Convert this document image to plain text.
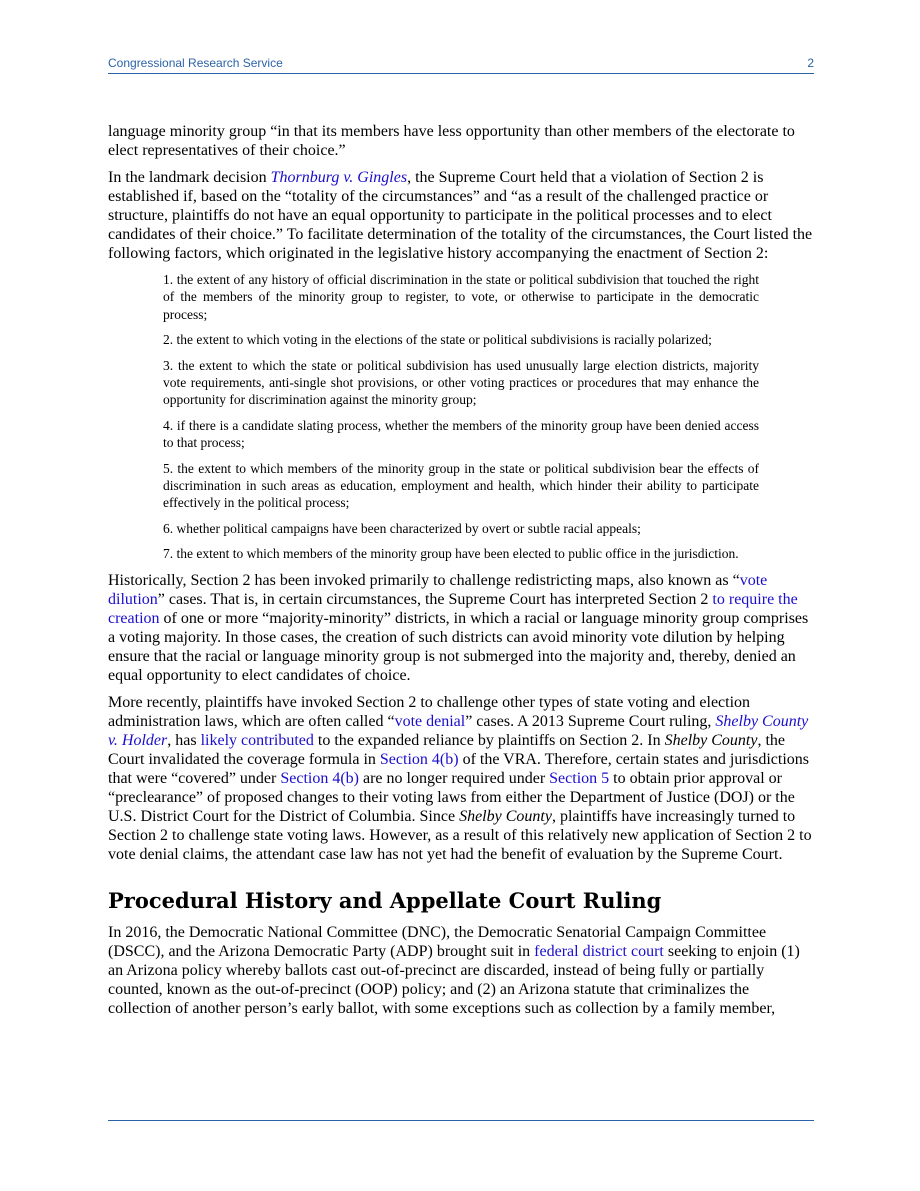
Congressional Research Service	2

language minority group “in that its members have less opportunity than other members of the electorate to elect representatives of their choice.”

In the landmark decision Thornburg v. Gingles, the Supreme Court held that a violation of Section 2 is established if, based on the “totality of the circumstances” and “as a result of the challenged practice or structure, plaintiffs do not have an equal opportunity to participate in the political processes and to elect candidates of their choice.” To facilitate determination of the totality of the circumstances, the Court listed the following factors, which originated in the legislative history accompanying the enactment of Section 2:

1. the extent of any history of official discrimination in the state or political subdivision that touched the right of the members of the minority group to register, to vote, or otherwise to participate in the democratic process;
2. the extent to which voting in the elections of the state or political subdivisions is racially polarized;
3. the extent to which the state or political subdivision has used unusually large election districts, majority vote requirements, anti-single shot provisions, or other voting practices or procedures that may enhance the opportunity for discrimination against the minority group;
4. if there is a candidate slating process, whether the members of the minority group have been denied access to that process;
5. the extent to which members of the minority group in the state or political subdivision bear the effects of discrimination in such areas as education, employment and health, which hinder their ability to participate effectively in the political process;
6. whether political campaigns have been characterized by overt or subtle racial appeals;
7. the extent to which members of the minority group have been elected to public office in the jurisdiction.

Historically, Section 2 has been invoked primarily to challenge redistricting maps, also known as “vote dilution” cases. That is, in certain circumstances, the Supreme Court has interpreted Section 2 to require the creation of one or more “majority-minority” districts, in which a racial or language minority group comprises a voting majority. In those cases, the creation of such districts can avoid minority vote dilution by helping ensure that the racial or language minority group is not submerged into the majority and, thereby, denied an equal opportunity to elect candidates of choice.

More recently, plaintiffs have invoked Section 2 to challenge other types of state voting and election administration laws, which are often called “vote denial” cases. A 2013 Supreme Court ruling, Shelby County v. Holder, has likely contributed to the expanded reliance by plaintiffs on Section 2. In Shelby County, the Court invalidated the coverage formula in Section 4(b) of the VRA. Therefore, certain states and jurisdictions that were “covered” under Section 4(b) are no longer required under Section 5 to obtain prior approval or “preclearance” of proposed changes to their voting laws from either the Department of Justice (DOJ) or the U.S. District Court for the District of Columbia. Since Shelby County, plaintiffs have increasingly turned to Section 2 to challenge state voting laws. However, as a result of this relatively new application of Section 2 to vote denial claims, the attendant case law has not yet had the benefit of evaluation by the Supreme Court.

Procedural History and Appellate Court Ruling

In 2016, the Democratic National Committee (DNC), the Democratic Senatorial Campaign Committee (DSCC), and the Arizona Democratic Party (ADP) brought suit in federal district court seeking to enjoin (1) an Arizona policy whereby ballots cast out-of-precinct are discarded, instead of being fully or partially counted, known as the out-of-precinct (OOP) policy; and (2) an Arizona statute that criminalizes the collection of another person’s early ballot, with some exceptions such as collection by a family member,
